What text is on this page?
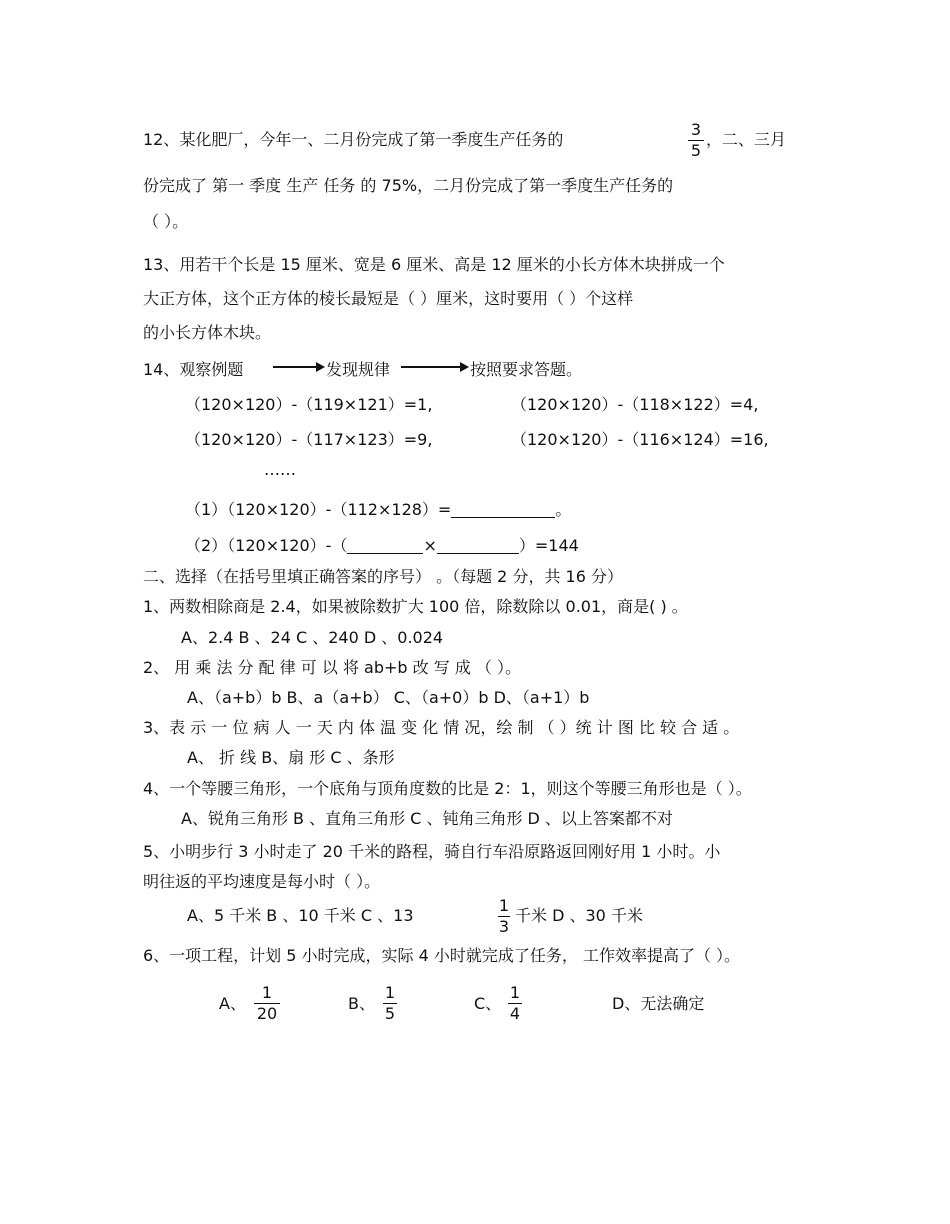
12、某化肥厂，今年一、二月份完成了第一季度生产任务的
3
5
，二、三月
份完成了 第一 季度 生产 任务 的 75%，二月份完成了第一季度生产任务的
（ ）。
13、用若干个长是 15 厘米、宽是 6 厘米、高是 12 厘米的小长方体木块拼成一个
大正方体，这个正方体的棱长最短是（ ）厘米，这时要用（ ）个这样
的小长方体木块。
14、观察例题	发现规律	按照要求答题。
（120×120）-（119×121）=1,	（120×120）-（118×122）=4,
（120×120）-（117×123）=9,	（120×120）-（116×124）=16,
……
（1）（120×120）-（112×128）=	。
（2）（120×120）-（	×	）=144
二、选择（在括号里填正确答案的序号） 。（每题 2 分，共 16 分）
1、两数相除商是 2.4，如果被除数扩大 100 倍，除数除以 0.01，商是( ) 。
A、2.4 B 、24 C 、240 D 、0.024
2、 用 乘 法 分 配 律 可 以 将 ab+b 改 写 成 （ ）。
A、（a+b）b B、a（a+b） C、（a+0）b D、（a+1）b
3、表 示 一 位 病 人 一 天 内 体 温 变 化 情 况，绘 制 （ ）统 计 图 比 较 合 适 。
A、 折 线 B、扇 形 C 、条形
4、一个等腰三角形，一个底角与顶角度数的比是 2：1，则这个等腰三角形也是（ ）。
A、锐角三角形 B 、直角三角形 C 、钝角三角形 D 、以上答案都不对
5、小明步行 3 小时走了 20 千米的路程，骑自行车沿原路返回刚好用 1 小时。小
明往返的平均速度是每小时（ ）。
A、5 千米 B 、10 千米 C 、13
1
3
千米 D 、30 千米
6、一项工程，计划 5 小时完成，实际 4 小时就完成了任务， 工作效率提高了（ ）。
A、
1
20
B、
1
5
C、
1
4
D、无法确定
